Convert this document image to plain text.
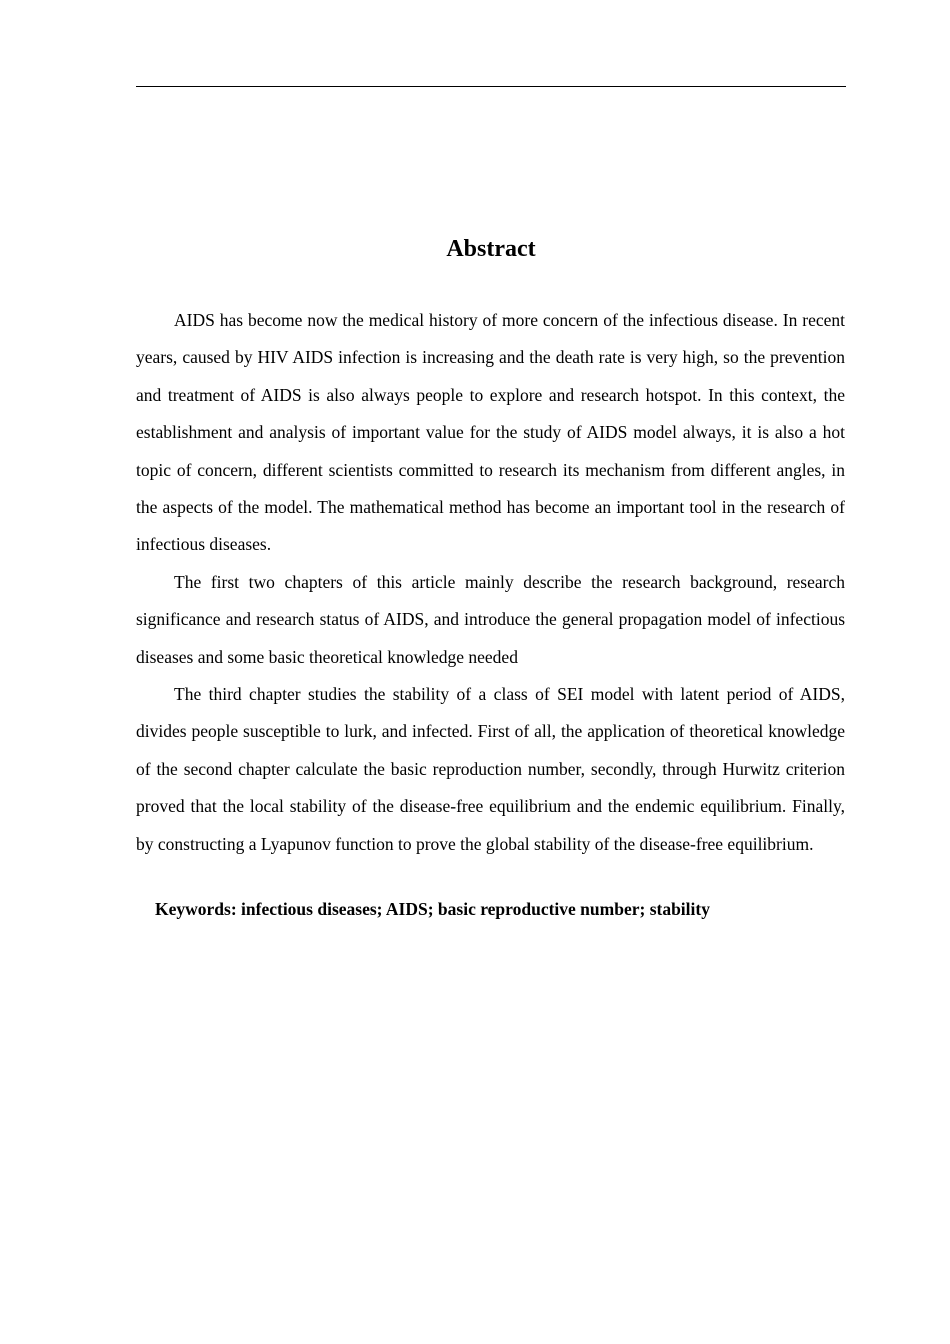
Abstract

AIDS has become now the medical history of more concern of the infectious disease. In recent years, caused by HIV AIDS infection is increasing and the death rate is very high, so the prevention and treatment of AIDS is also always people to explore and research hotspot. In this context, the establishment and analysis of important value for the study of AIDS model always, it is also a hot topic of concern, different scientists committed to research its mechanism from different angles, in the aspects of the model. The mathematical method has become an important tool in the research of infectious diseases.

The first two chapters of this article mainly describe the research background, research significance and research status of AIDS, and introduce the general propagation model of infectious diseases and some basic theoretical knowledge needed

The third chapter studies the stability of a class of SEI model with latent period of AIDS, divides people susceptible to lurk, and infected. First of all, the application of theoretical knowledge of the second chapter calculate the basic reproduction number, secondly, through Hurwitz criterion proved that the local stability of the disease-free equilibrium and the endemic equilibrium. Finally, by constructing a Lyapunov function to prove the global stability of the disease-free equilibrium.

Keywords: infectious diseases; AIDS; basic reproductive number; stability
